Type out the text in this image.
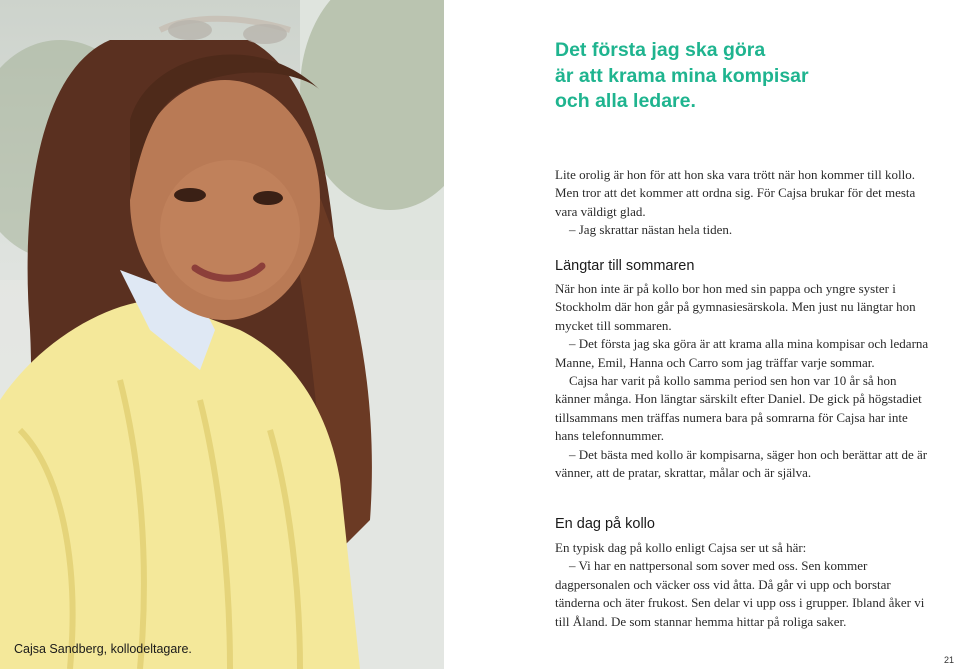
Cajsa Sandberg, kollodeltagare.
Det första jag ska göra
är att krama mina kompisar
och alla ledare.

Lite orolig är hon för att hon ska vara trött när hon kommer till kollo. Men tror att det kommer att ordna sig. För Cajsa brukar för det mesta vara väldigt glad.

– Jag skrattar nästan hela tiden.

Längtar till sommaren

När hon inte är på kollo bor hon med sin pappa och yngre syster i Stockholm där hon går på gymnasiesärskola. Men just nu längtar hon mycket till sommaren.

– Det första jag ska göra är att krama alla mina kompisar och ledarna Manne, Emil, Hanna och Carro som jag träffar varje sommar.

Cajsa har varit på kollo samma period sen hon var 10 år så hon känner många. Hon längtar särskilt efter Daniel. De gick på högstadiet tillsammans men träffas numera bara på somrarna för Cajsa har inte hans telefonnummer.

– Det bästa med kollo är kompisarna, säger hon och berättar att de är vänner, att de pratar, skrattar, målar och är själva.

En dag på kollo

En typisk dag på kollo enligt Cajsa ser ut så här:

– Vi har en nattpersonal som sover med oss. Sen kommer dagpersonalen och väcker oss vid åtta. Då går vi upp och borstar tänderna och äter frukost. Sen delar vi upp oss i grupper. Ibland åker vi till Åland. De som stannar hemma hittar på roliga saker.

21
